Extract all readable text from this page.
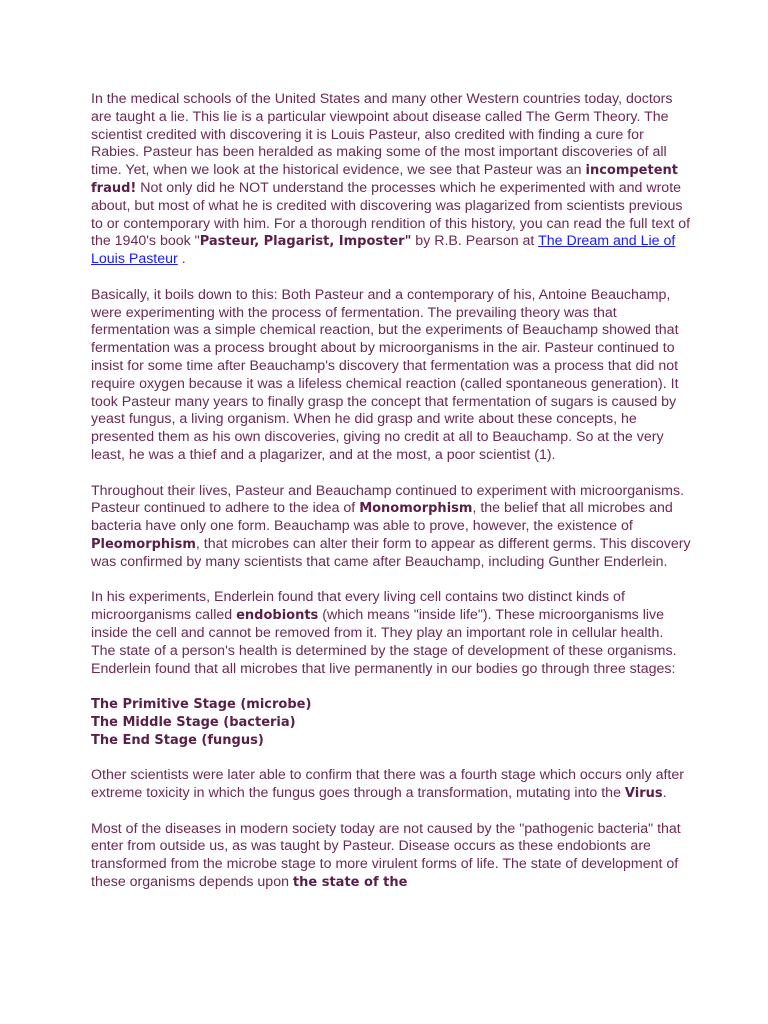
In the medical schools of the United States and many other Western countries today, doctors are taught a lie. This lie is a particular viewpoint about disease called The Germ Theory. The scientist credited with discovering it is Louis Pasteur, also credited with finding a cure for Rabies. Pasteur has been heralded as making some of the most important discoveries of all time. Yet, when we look at the historical evidence, we see that Pasteur was an incompetent fraud! Not only did he NOT understand the processes which he experimented with and wrote about, but most of what he is credited with discovering was plagarized from scientists previous to or contemporary with him. For a thorough rendition of this history, you can read the full text of the 1940's book "Pasteur, Plagarist, Imposter" by R.B. Pearson at The Dream and Lie of Louis Pasteur .

Basically, it boils down to this: Both Pasteur and a contemporary of his, Antoine Beauchamp, were experimenting with the process of fermentation. The prevailing theory was that fermentation was a simple chemical reaction, but the experiments of Beauchamp showed that fermentation was a process brought about by microorganisms in the air. Pasteur continued to insist for some time after Beauchamp's discovery that fermentation was a process that did not require oxygen because it was a lifeless chemical reaction (called spontaneous generation). It took Pasteur many years to finally grasp the concept that fermentation of sugars is caused by yeast fungus, a living organism. When he did grasp and write about these concepts, he presented them as his own discoveries, giving no credit at all to Beauchamp. So at the very least, he was a thief and a plagarizer, and at the most, a poor scientist (1).

Throughout their lives, Pasteur and Beauchamp continued to experiment with microorganisms. Pasteur continued to adhere to the idea of Monomorphism, the belief that all microbes and bacteria have only one form. Beauchamp was able to prove, however, the existence of Pleomorphism, that microbes can alter their form to appear as different germs. This discovery was confirmed by many scientists that came after Beauchamp, including Gunther Enderlein.

In his experiments, Enderlein found that every living cell contains two distinct kinds of microorganisms called endobionts (which means "inside life"). These microorganisms live inside the cell and cannot be removed from it. They play an important role in cellular health. The state of a person's health is determined by the stage of development of these organisms. Enderlein found that all microbes that live permanently in our bodies go through three stages:

The Primitive Stage (microbe)
The Middle Stage (bacteria)
The End Stage (fungus)

Other scientists were later able to confirm that there was a fourth stage which occurs only after extreme toxicity in which the fungus goes through a transformation, mutating into the Virus.

Most of the diseases in modern society today are not caused by the "pathogenic bacteria" that enter from outside us, as was taught by Pasteur. Disease occurs as these endobionts are transformed from the microbe stage to more virulent forms of life. The state of development of these organisms depends upon the state of the
